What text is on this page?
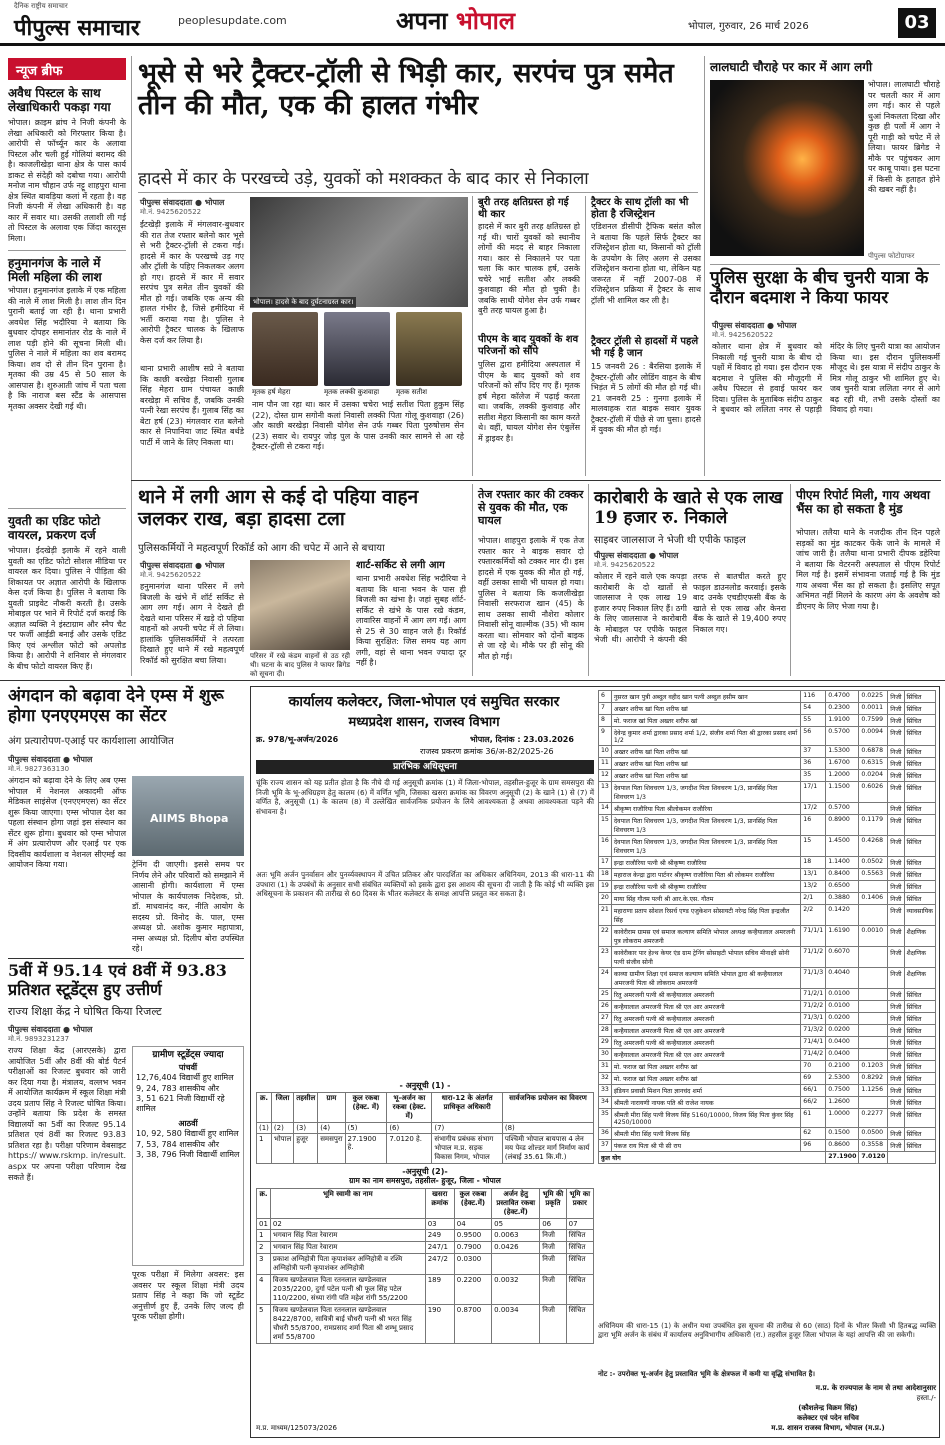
दैनिक राष्ट्रीय समाचार
पीपुल्स समाचार	peoplesupdate.com	अपना भोपाल	भोपाल, गुरुवार, 26 मार्च 2026	03
न्यूज ब्रीफ
अवैध पिस्टल के साथ लेखाधिकारी पकड़ा गया
भोपाल। क्राइम ब्रांच ने निजी कंपनी के लेखा अधिकारी को गिरफ्तार किया है। आरोपी से फॉर्च्यून कार के अलावा पिस्टल और चली हुई गोलियां बरामद की है। काजलीखेड़ा थाना क्षेत्र के पास कार्य डाकट से संदेही को दबोचा गया। आरोपी मनोज नाम चौहान उर्फ नट्टू शाहपुरा थाना क्षेत्र स्थित बावड़िया कलां में रहता है। वह निजी कंपनी में लेखा अधिकारी है। वह कार में सवार था। उसकी तलाशी ली गई तो पिस्टल के अलावा एक जिंदा कारतूस मिला।
हनुमानगंज के नाले में मिली महिला की लाश
भोपाल। हनुमानगंज इलाके में एक महिला की नाले में लाश मिली है। लाश तीन दिन पुरानी बताई जा रही है। थाना प्रभारी अवधेश सिंह भदौरिया ने बताया कि बुधवार दोपहर समानांतर रोड के नाले में लाश पड़ी होने की सूचना मिली थी। पुलिस ने नाले में महिला का शव बरामद किया। शव दो से तीन दिन पुराना है। मृतका की उम्र 45 से 50 साल के आसपास है। शुरुआती जांच में पता चला है कि नाराज बस स्टैंड के आसपास मृतका अक्सर देखी गई थी।
युवती का एडिट फोटो वायरल, प्रकरण दर्ज
भोपाल। ईदखेड़ी इलाके में रहने वाली युवती का एडिट फोटो सोशल मीडिया पर वायरल कर दिया। पुलिस ने पीड़िता की शिकायत पर अज्ञात आरोपी के खिलाफ केस दर्ज किया है। पुलिस ने बताया कि युवती प्राइवेट नौकरी करती है। उसके मोबाइल पर भाने में रिपोर्ट दर्ज कराई कि अज्ञात व्यक्ति ने इंस्टाग्राम और स्नैप चैट पर फर्जी आईडी बनाई और उसके एडिट किए एवं अश्लील फोटो को अपलोड किया है। आरोपी ने शनिवार से मंगलवार के बीच फोटो वायरल किए हैं।
भूसे से भरे ट्रैक्टर-ट्रॉली से भिड़ी कार, सरपंच पुत्र समेत तीन की मौत, एक की हालत गंभीर
हादसे में कार के परखच्चे उड़े, युवकों को मशक्कत के बाद कार से निकाला
पीपुल्स संवाददाता ● भोपाल
मो.नं. 9425620522
ईंटखेड़ी इलाके में मंगलवार-बुधवार की रात तेज रफ्तार बलेनो कार भूसे से भरी ट्रैक्टर-ट्रॉली से टकरा गई। हादसे में कार के परखच्चे उड़ गए और ट्रॉली के पहिए निकलकर अलग हो गए। हादसे में कार में सवार सरपंच पुत्र समेत तीन युवकों की मौत हो गई। जबकि एक अन्य की हालत गंभीर है, जिसे हमीदिया में भर्ती कराया गया है। पुलिस ने आरोपी ट्रैक्टर चालक के खिलाफ केस दर्ज कर लिया है।
भोपाल। हादसे के बाद दुर्घटनाग्रस्त कार।
मृतक हर्ष मेहरा	मृतक लक्की कुशवाहा	मृतक सतीश
थाना प्रभारी आशीष सप्रे ने बताया कि काछी बरखेड़ा निवासी गुलाब सिंह मेहरा ग्राम पंचायत काछी बरखेड़ा में सचिव हैं, जबकि उनकी पत्नी रेखा सरपंच हैं। गुलाब सिंह का बेटा हर्ष (23) मंगलवार रात बलेनो कार से निपानिया जाट स्थित बर्थडे पार्टी में जाने के लिए निकला था।
नाम पौन जा रहा था। कार में उसका चचेरा भाई सतीश पिता हुकुम सिंह (22), दोस्त ग्राम सगोनी कलां निवासी लक्की पिता गोलू कुशवाहा (26) और काछी बरखेड़ा निवासी योगेश सेन उर्फ गब्बर पिता पुरुषोत्तम सेन (23) सवार थे। रायपुर जोड़ पुल के पास उनकी कार सामने से आ रहे ट्रैक्टर-ट्रॉली से टकरा गई।
बुरी तरह क्षतिग्रस्त हो गई थी कार
हादसे में कार बुरी तरह क्षतिग्रस्त हो गई थी। चारों युवकों को स्थानीय लोगों की मदद से बाहर निकाला गया। कार से निकालने पर पता चला कि कार चालक हर्ष, उसके चचेरे भाई सतीश और लक्की कुशवाहा की मौत हो चुकी है। जबकि साथी योगेश सेन उर्फ गब्बर बुरी तरह घायल हुआ है।
पीएम के बाद युवकों के शव परिजनों को सौंपे
पुलिस द्वारा हमीदिया अस्पताल में पीएम के बाद युवकों को शव परिजनों को सौंप दिए गए हैं। मृतक हर्ष मेहरा कॉलेज में पढ़ाई करता था। जबकि, लक्की कुशवाह और सतीश मेहरा किसानी का काम करते थे। वहीं, घायल योगेश सेन एंबुलेंस में ड्राइवर है।
ट्रैक्टर के साथ ट्रॉली का भी होता है रजिस्ट्रेशन
एडिशनल डीसीपी ट्रैफिक बसंत कौल ने बताया कि पहले सिर्फ ट्रैक्टर का रजिस्ट्रेशन होता था, किसानों को ट्रॉली के उपयोग के लिए अलग से उसका रजिस्ट्रेशन कराना होता था, लेकिन यह जरूरत में नहीं 2007-08 में रजिस्ट्रेशन प्रक्रिया में ट्रैक्टर के साथ ट्रॉली भी शामिल कर ली है।
ट्रैक्टर ट्रॉली से हादसों में पहले भी गई है जान
15 जनवरी 26 : बैरसिया इलाके में ट्रैक्टर-ट्रॉली और लोडिंग वाहन के बीच भिड़ंत में 5 लोगों की मौत हो गई थी। 21 जनवरी 25 : गुनगा इलाके में मालवाहक रात बाइक सवार युवक ट्रैक्टर-ट्रॉली में पीछे से जा घुसा। हादसे में युवक की मौत हो गई।
लालघाटी चौराहे पर कार में आग लगी
भोपाल। लालघाटी चौराहे पर चलती कार में आग लग गई। कार से पहले धुआं निकलता दिखा और कुछ ही पलों में आग ने पूरी गाड़ी को चपेट में ले लिया। फायर ब्रिगेड ने मौके पर पहुंचकर आग पर काबू पाया। इस घटना में किसी के हताहत होने की खबर नहीं है।
पीपुल्स फोटोग्राफर
पुलिस सुरक्षा के बीच चुनरी यात्रा के दौरान बदमाश ने किया फायर
पीपुल्स संवाददाता ● भोपाल
मो.नं. 9425620522
कोलार थाना क्षेत्र में बुधवार को निकाली गई चुनरी यात्रा के बीच दो पक्षों में विवाद हो गया। इस दौरान एक बदमाश ने पुलिस की मौजूदगी में अवैध पिस्टल से हवाई फायर कर दिया। पुलिस के मुताबिक संदीप ठाकुर ने बुधवार को ललिता नगर से पहाड़ी मंदिर के लिए चुनरी यात्रा का आयोजन किया था। इस दौरान पुलिसकर्मी मौजूद थे। इस यात्रा में संदीप ठाकुर के मित्र गोलू ठाकुर भी शामिल हुए थे। जब चुनरी यात्रा ललिता नगर से आगे बढ़ रही थी, तभी उसके दोस्तों का विवाद हो गया।
थाने में लगी आग से कई दो पहिया वाहन जलकर राख, बड़ा हादसा टला
पुलिसकर्मियों ने महत्वपूर्ण रिकॉर्ड को आग की चपेट में आने से बचाया
पीपुल्स संवाददाता ● भोपाल
मो.नं. 9425620522
हनुमानगंज थाना परिसर में लगे बिजली के खंभे में शॉर्ट सर्किट से आग लग गई। आग ने देखते ही देखते थाना परिसर में खड़े दो पहिया वाहनों को अपनी चपेट में ले लिया। हालांकि पुलिसकर्मियों ने तत्परता दिखाते हुए थाने में रखे महत्वपूर्ण रिकॉर्ड को सुरक्षित बचा लिया।	परिसर में रखे कंडम वाहनों से उठ रही थी। घटना के बाद पुलिस ने फायर ब्रिगेड को सूचना दी।
शार्ट-सर्किट से लगी आग
थाना प्रभारी अवधेश सिंह भदौरिया ने बताया कि थाना भवन के पास ही बिजली का खंभा है। जहां सुबह शॉर्ट-सर्किट से खंभे के पास रखे कंडम, लावारिस वाहनों में आग लग गई। आग से 25 से 30 वाहन जले हैं। रिकॉर्ड किया सुरक्षित: जिस समय यह आग लगी, वहां से थाना भवन ज्यादा दूर नहीं है।
तेज रफ्तार कार की टक्कर से युवक की मौत, एक घायल
भोपाल। शाहपुरा इलाके में एक तेज रफ्तार कार ने बाइक सवार दो रफ्तारकर्मियों को टक्कर मार दी। इस हादसे में एक युवक की मौत हो गई, वहीं उसका साथी भी घायल हो गया। पुलिस ने बताया कि कजलीखेड़ा निवासी सरफराज खान (45) के साथ उसका साथी नौशेरा कोलार निवासी सोनू वाल्मीक (35) भी काम करता था। सोमवार को दोनों बाइक से जा रहे थे। मौके पर ही सोनू की मौत हो गई।
कारोबारी के खाते से एक लाख 19 हजार रु. निकाले
साइबर जालसाज ने भेजी थी एपीके फाइल
पीपुल्स संवाददाता ● भोपाल
मो.नं. 9425620522
कोलार में रहने वाले एक कपड़ा कारोबारी के दो खातों से जालसाज ने एक लाख 19 हजार रुपए निकाल लिए हैं। ठगी के लिए जालसाज ने कारोबारी के मोबाइल पर एपीके फाइल भेजी थी। आरोपी ने कंपनी की तरफ से बातचीत करते हुए फाइल डाउनलोड करवाई। इसके बाद उनके एचडीएफसी बैंक के खाते से एक लाख और केनरा बैंक के खाते से 19,400 रुपए निकाल गए।
पीएम रिपोर्ट मिली, गाय अथवा भैंस का हो सकता है मुंड
भोपाल। तलैया थाने के नजदीक तीन दिन पहले सड़कों का मुंड काटकर फेंके जाने के मामले में जांच जारी है। तलैया थाना प्रभारी दीपक डहेरिया ने बताया कि वेटरनरी अस्पताल से पीएम रिपोर्ट मिल गई है। इसमें संभावना जताई गई है कि मुंड गाय अथवा भैंस का हो सकता है। इसलिए सपूत अभिमत नहीं मिलने के कारण अंग के अवशेष को डीएनए के लिए भेजा गया है।
अंगदान को बढ़ावा देने एम्स में शुरू होगा एनएएमएस का सेंटर
अंग प्रत्यारोपण-एआई पर कार्यशाला आयोजित
पीपुल्स संवाददाता ● भोपाल
मो.नं. 9827363130
अंगदान को बढ़ावा देने के लिए अब एम्स भोपाल में नेशनल अकादमी ऑफ मेडिकल साइंसेज (एनएएमएस) का सेंटर शुरू किया जाएगा। एम्स भोपाल देश का पहला संस्थान होगा जहां इस संस्थान का सेंटर शुरू होगा। बुधवार को एम्स भोपाल में अंग प्रत्यारोपण और एआई पर एक दिवसीय कार्यशाला व नेशनल सीएमई का आयोजन किया गया।
AIIMS Bhopa
ट्रेनिंग दी जाएगी। इससे समय पर निर्णय लेने और परिवारों को समझाने में आसानी होगी। कार्यशाला में एम्स भोपाल के कार्यपालक निदेशक, प्रो. डॉ. माधवानंद कर, नीति आयोग के सदस्य प्रो. विनोद के. पाल, एम्स अध्यक्ष प्रो. अशोक कुमार महापात्रा, नम्स अध्यक्ष प्रो. दिलीप बोरा उपस्थित रहे।
5वीं में 95.14 एवं 8वीं में 93.83 प्रतिशत स्टूडेंट्स हुए उत्तीर्ण
राज्य शिक्षा केंद्र ने घोषित किया रिजल्ट
पीपुल्स संवाददाता ● भोपाल
मो.नं. 9893231237
राज्य शिक्षा केंद्र (आरएसके) द्वारा आयोजित 5वीं और 8वीं की बोर्ड पैटर्न परीक्षाओं का रिजल्ट बुधवार को जारी कर दिया गया है। मंत्रालय, वल्लभ भवन में आयोजित कार्यक्रम में स्कूल शिक्षा मंत्री उदय प्रताप सिंह ने रिजल्ट घोषित किया। उन्होंने बताया कि प्रदेश के समस्त विद्यालयों का 5वीं का रिजल्ट 95.14 प्रतिशत एवं 8वीं का रिजल्ट 93.83 प्रतिशत रहा है। परीक्षा परिणाम वेबसाइट https:// www.rskmp. in/result. aspx पर अपना परीक्षा परिणाम देख सकते हैं।
ग्रामीण स्टूडेंट्स ज्यादा
पांचवीं
12,76,404 विद्यार्थी हुए शामिल
9, 24, 783 शासकीय और
3, 51 621 निजी विद्यार्थी रहे शामिल
आठवीं
10, 92, 580 विद्यार्थी हुए शामिल
7, 53, 784 शासकीय और
3, 38, 796 निजी विद्यार्थी शामिल
पूरक परीक्षा में मिलेगा अवसर: इस अवसर पर स्कूल शिक्षा मंत्री उदय प्रताप सिंह ने कहा कि जो स्टूडेंट अनुत्तीर्ण हुए हैं, उनके लिए जल्द ही पूरक परीक्षा होगी।
कार्यालय कलेक्टर, जिला-भोपाल एवं समुचित सरकार
मध्यप्रदेश शासन, राजस्व विभाग
क्र. 978/भू-अर्जन/2026	भोपाल, दिनांक : 23.03.2026
राजस्व प्रकरण क्रमांक 36/अ-82/2025-26
प्रारंभिक अधिसूचना
चूंकि राज्य शासन को यह प्रतीत होता है कि नीचे दी गई अनुसूची क्रमांक (1) में जिला-भोपाल, तहसील-हुजूर के ग्राम समसपुरा की निजी भूमि के भू-अधिग्रहण हेतु कालम (6) में वर्णित भूमि, जिसका खसरा क्रमांक का विवरण अनुसूची (2) के खाने (1) से (7) में वर्णित है, अनुसूची (1) के कालम (8) में उल्लेखित सार्वजनिक प्रयोजन के लिये आवश्यकता है अथवा आवश्यकता पड़ने की संभावना है।
अतः भूमि अर्जन पुनर्वासन और पुनर्व्यवस्थापन में उचित प्रतिकर और पारदर्शिता का अधिकार अधिनियम, 2013 की धारा-11 की उपधारा (1) के उपबंधों के अनुसार सभी संबंधित व्यक्तियों को इसके द्वारा इस आशय की सूचना दी जाती है कि कोई भी व्यक्ति इस अधिसूचना के प्रकाशन की तारीख से 60 दिवस के भीतर कलेक्टर के समक्ष आपत्ति प्रस्तुत कर सकता है।
- अनुसूची (1) -
क्र.	जिला	तहसील	ग्राम	कुल रकबा (हेक्ट. में)	भू-अर्जन का रकबा (हेक्ट. में)	धारा-12 के अंतर्गत प्राधिकृत अधिकारी	सार्वजनिक प्रयोजन का विवरण
(1)	(2)	(3)	(4)	(5)	(6)	(7)	(8)
1	भोपाल	हुजूर	समसपुरा	27.1900 हे.	7.0120 हे.	संभागीय प्रबंधक संभाग भोपाल म.प्र. सड़क विकास निगम, भोपाल	पश्चिमी भोपाल बायपास 4 लेन मय पेव्ड शोल्डर मार्ग निर्माण कार्य (लंबाई 35.61 कि.मी.)
-अनुसूची (2)-
ग्राम का नाम समसपुरा, तहसील- हुजूर, जिला - भोपाल
क्र.	भूमि स्वामी का नाम	खसरा क्रमांक	कुल रकबा (हेक्ट.में)	अर्जन हेतु प्रस्तावित रकबा (हेक्ट.में)	भूमि की प्रकृति	भूमि का प्रकार
01	02	03	04	05	06	07
1	भगवान सिंह पिता रेवाराम	249	0.9500	0.0063	निजी	सिंचित
2	भगवान सिंह पिता रेवाराम	247/1	0.7900	0.0426	निजी	सिंचित
3	प्रकाश अग्निहोत्री पिता कृपाशंकर अग्निहोत्री व रश्मि अग्निहोत्री पत्नी कृपाशंकर अग्निहोत्री	247/2	0.0300		निजी	सिंचित
4	विजय खण्डेलवाल पिता रतनलाल खण्डेलवाल 2035/2200, दुर्गा पटेल पत्नी श्री फूल सिंह पटेल 110/2200, संध्या रांगी पति महेश रांगी 55/2200	189	0.2200	0.0032	निजी	सिंचित
5	विजय खण्डेलवाल पिता रतनलाल खण्डेलवाल 8422/8700, सावित्री बाई चौधरी पत्नी श्री भरत सिंह चौधरी 55/8700, रामप्रसाद शर्मा पिता श्री शम्भू प्रसाद शर्मा 55/8700	190	0.8700	0.0034	निजी	सिंचित
6	नुसरत खान पुत्री अब्दुल वहीद खान पत्नी अब्दुल हसीम खान	116	0.4700	0.0225	निजी	सिंचित
7	अख्तर शरीफ खां पिता शरीफ खां	54	0.2300	0.0011	निजी	सिंचित
8	मो. फराज खां पिता अख्तर शरीफ खां	55	1.9100	0.7599	निजी	सिंचित
9	देवेन्द्र कुमार शर्मा द्वारका प्रसाद शर्मा 1/2, संजीव शर्मा पिता श्री द्वारका प्रसाद शर्मा 1/2	56	0.5700	0.0094	निजी	सिंचित
10	अख्तर शरीफ खां पिता शरीफ खां	37	1.5300	0.6878	निजी	सिंचित
11	अख्तर शरीफ खां पिता शरीफ खां	36	1.6700	0.6315	निजी	सिंचित
12	अख्तर शरीफ खां पिता शरीफ खां	35	1.2000	0.0204	निजी	सिंचित
13	देवपाल पिता शिवचरण 1/3, जगदीश पिता शिवचरण 1/3, प्रानसिंह पिता शिवचरण 1/3	17/1	1.1500	0.6026	निजी	सिंचित
14	श्रीकृष्ण राजौरिया पिता श्रीलोकमन राजौरिया	17/2	0.5700		निजी	सिंचित
15	देवपाल पिता शिवचरण 1/3, जगदीश पिता शिवचरण 1/3, प्रानसिंह पिता शिवचरण 1/3	16	0.8900	0.1179	निजी	सिंचित
16	देवपाल पिता शिवचरण 1/3, जगदीश पिता शिवचरण 1/3, प्रानसिंह पिता शिवचरण 1/3	15	1.4500	0.4268	निजी	सिंचित
17	इन्द्रा राजौरिया पत्नी श्री श्रीकृष्ण राजौरिया	18	1.1400	0.0502	निजी	सिंचित
18	महाराज केन्द्रा द्वारा पार्टनर श्रीकृष्ण राजौरिया पिता श्री लोकमन राजौरिया	13/1	0.8400	0.5563	निजी	सिंचित
19	इन्द्रा राजौरिया पत्नी श्री श्रीकृष्ण राजौरिया	13/2	0.6500		निजी	सिंचित
20	माया सिंह गौतम पत्नी श्री आर.के.एस. गौतम	2/1	0.3880	0.1406	निजी	सिंचित
21	महाराणा प्रताप सोशल रिसर्च एण्ड एजुकेशन सोसायटी नरेन्द्र सिंह पिता इन्द्रजीत सिंह	2/2	0.1420		निजी	व्यावसायिक
22	कावेरीराम ग्रामस एवं समाज कल्याण समिति भोपाल अध्यक्ष कन्हैयालाल अमरजनी पुत्र लोकराम अमरजनी	71/1/1	1.6190	0.0010	निजी	शैक्षणिक
23	कावेरीकार पार हेल्थ केयर एंड ग्राम ट्रेनिंग सोसाइटी भोपाल सचिव मीनाक्षी सोनी पत्नी संजीव सोनी	71/1/2	0.6070		निजी	शैक्षणिक
24	काव्या ग्रामीण शिक्षा एवं समाज कल्याण समिति भोपाल द्वारा श्री कन्हैयालाल अमरजनी पिता श्री लोकराम अमरजनी	71/1/3	0.4040		निजी	शैक्षणिक
25	रितु अमरजनी पत्नी श्री कन्हैयालाल अमरजनी	71/2/1	0.0100		निजी	सिंचित
26	कन्हैयालाल अमरजनी पिता श्री एल आर अमरजनी	71/2/2	0.0100		निजी	सिंचित
27	रितु अमरजनी पत्नी श्री कन्हैयालाल अमरजनी	71/3/1	0.0200		निजी	सिंचित
28	कन्हैयालाल अमरजनी पिता श्री एल आर अमरजनी	71/3/2	0.0200		निजी	सिंचित
29	रितु अमरजनी पत्नी श्री कन्हैयालाल अमरजनी	71/4/1	0.0400		निजी	सिंचित
30	कन्हैयालाल अमरजनी पिता श्री एल आर अमरजनी	71/4/2	0.0400		निजी	सिंचित
31	मो. फराज खां पिता अख्तर शरीफ खां	70	0.2100	0.1203	निजी	सिंचित
32	मो. फराज खां पिता अख्तर शरीफ खां	69	2.5300	0.8292	निजी	सिंचित
33	इंडियन प्रवासी मिशन पिता ज्ञानचंद शर्मा	66/1	0.7500	1.1256	निजी	सिंचित
34	श्रीमती नारायणी नायक पति श्री राजेश नायक	66/2	1.2600		निजी	सिंचित
35	श्रीमती मीरा सिंह पत्नी विजय सिंह 5160/10000, विजय सिंह पिता कुंवर सिंह 4250/10000	61	1.0000	0.2277	निजी	सिंचित
36	श्रीमती मीरा सिंह पत्नी विजय सिंह	62	0.1500	0.0500	निजी	सिंचित
37	पंकज राय पिता श्री पी सी राय	96	0.8600	0.3558	निजी	सिंचित
कुल योग			27.1900	7.0120		
अधिनियम की धारा-15 (1) के अधीन यथा उपबंधित इस सूचना की तारीख से 60 (साठ) दिनों के भीतर किसी भी हितबद्ध व्यक्ति द्वारा भूमि अर्जन के संबंध में कार्यालय अनुविभागीय अधिकारी (रा.) तहसील हुजूर जिला भोपाल के यहां आपत्ति की जा सकेगी।
नोट :- उपरोक्त भू-अर्जन हेतु प्रस्तावित भूमि के क्षेत्रफल में कमी या वृद्धि संभावित है।
म.प्र. के राज्यपाल के नाम से तथा आदेशानुसार
हस्ता./-
(कौशलेन्द्र विक्रम सिंह)
कलेक्टर एवं पदेन सचिव
म.प्र. शासन राजस्व विभाग, भोपाल (म.प्र.)
म.प्र. माध्यम/125073/2026
